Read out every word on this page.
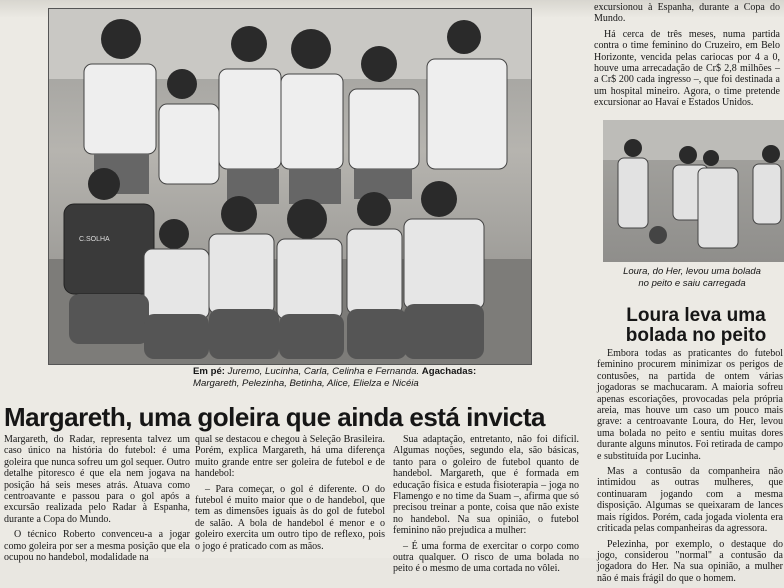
C.SOLHA
Em pé: Juremo, Lucinha, Carla, Celinha e Fernanda. Agachadas: Margareth, Pelezinha, Betinha, Alice, Elielza e Nicéia
Margareth, uma goleira que ainda está invicta

Margareth, do Radar, representa talvez um caso único na história do futebol: é uma goleira que nunca sofreu um gol sequer. Outro detalhe pitoresco é que ela nem jogava na posição há seis meses atrás. Atuava como centroavante e passou para o gol após a excursão realizada pelo Radar à Espanha, durante a Copa do Mundo.

O técnico Roberto convenceu-a a jogar como goleira por ser a mesma posição que ela ocupou no handebol, modalidade na

qual se destacou e chegou à Seleção Brasileira. Porém, explica Margareth, há uma diferença muito grande entre ser goleira de futebol e de handebol:

– Para começar, o gol é diferente. O do futebol é muito maior que o de handebol, que tem as dimensões iguais às do gol de futebol de salão. A bola de handebol é menor e o goleiro exercita um outro tipo de reflexo, pois o jogo é praticado com as mãos.

Sua adaptação, entretanto, não foi difícil. Algumas noções, segundo ela, são básicas, tanto para o goleiro de futebol quanto de handebol. Margareth, que é formada em educação física e estuda fisioterapia – joga no Flamengo e no time da Suam –, afirma que só precisou treinar a ponte, coisa que não existe no handebol. Na sua opinião, o futebol feminino não prejudica a mulher:

– É uma forma de exercitar o corpo como outra qualquer. O risco de uma bolada no peito é o mesmo de uma cortada no vôlei.

excursionou à Espanha, durante a Copa do Mundo.

Há cerca de três meses, numa partida contra o time feminino do Cruzeiro, em Belo Horizonte, vencida pelas cariocas por 4 a 0, houve uma arrecadação de Cr$ 2,8 milhões – a Cr$ 200 cada ingresso –, que foi destinada a um hospital mineiro. Agora, o time pretende excursionar ao Havaí e Estados Unidos.

Loura, do Her, levou uma bolada no peito e saiu carregada
Loura leva uma bolada no peito

Embora todas as praticantes do futebol feminino procurem minimizar os perigos de contusões, na partida de ontem várias jogadoras se machucaram. A maioria sofreu apenas escoriações, provocadas pela própria areia, mas houve um caso um pouco mais grave: a centroavante Loura, do Her, levou uma bolada no peito e sentiu muitas dores durante alguns minutos. Foi retirada de campo e substituída por Lucinha.

Mas a contusão da companheira não intimidou as outras mulheres, que continuaram jogando com a mesma disposição. Algumas se queixaram de lances mais rígidos. Porém, cada jogada violenta era criticada pelas companheiras da agressora.

Pelezinha, por exemplo, o destaque do jogo, considerou "normal" a contusão da jogadora do Her. Na sua opinião, a mulher não é mais frágil do que o homem.
